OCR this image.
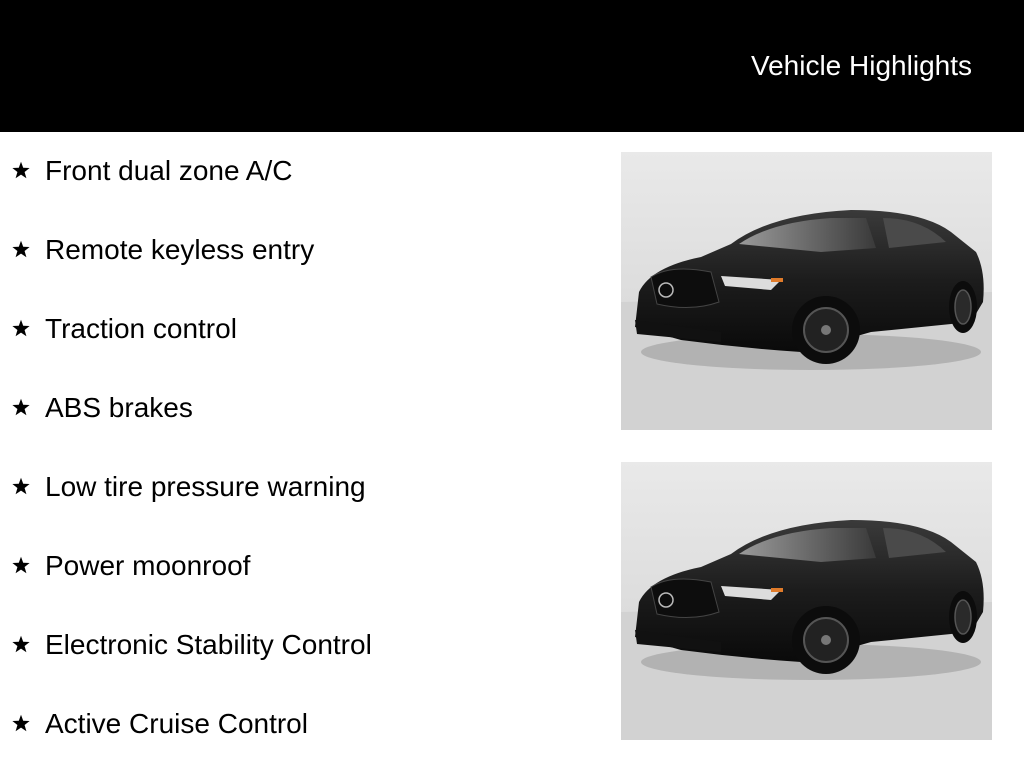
Vehicle Highlights
Front dual zone A/C
Remote keyless entry
Traction control
ABS brakes
Low tire pressure warning
Power moonroof
Electronic Stability Control
Active Cruise Control
